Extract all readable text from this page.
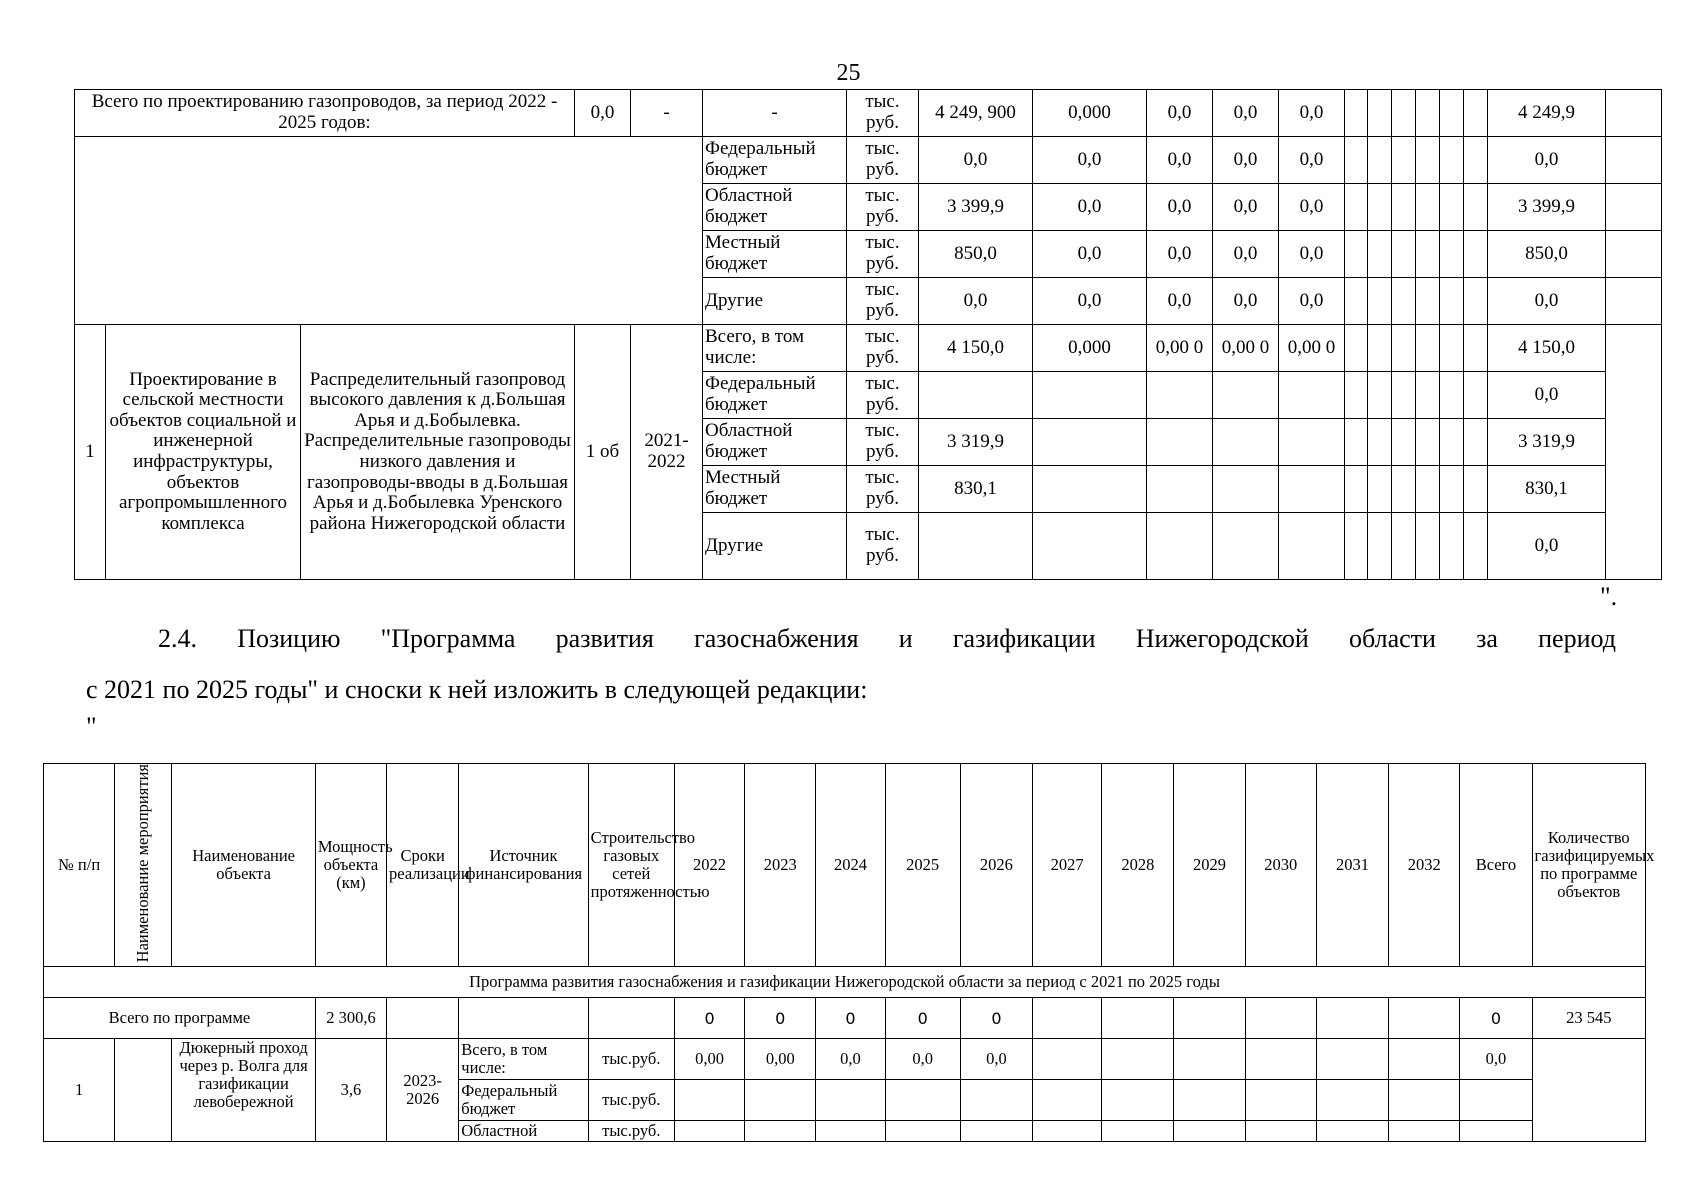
25
Всего по проектированию газопроводов, за период 2022 - 2025 годов:			0,0	-	-	тыс. руб.	4 249, 900	0,000	0,0	0,0	0,0							4 249,9	
					Федеральный бюджет	тыс. руб.	0,0	0,0	0,0	0,0	0,0							0,0	
					Областной бюджет	тыс. руб.	3 399,9	0,0	0,0	0,0	0,0							3 399,9	
					Местный бюджет	тыс. руб.	850,0	0,0	0,0	0,0	0,0							850,0	
					Другие	тыс. руб.	0,0	0,0	0,0	0,0	0,0							0,0	
1	Проектирование в сельской местности объектов социальной и инженерной инфраструктуры, объектов агропромышленного комплекса	Распределительный газопровод высокого давления к д.Большая Арья и д.Бобылевка. Распределительные газопроводы низкого давления и газопроводы-вводы в д.Большая Арья и д.Бобылевка Уренского района Нижегородской области	1 об	2021-2022	Всего, в том числе:	тыс. руб.	4 150,0	0,000	0,00 0	0,00 0	0,00 0							4 150,0	
					Федеральный бюджет	тыс. руб.												0,0	
					Областной бюджет	тыс. руб.	3 319,9											3 319,9	
					Местный бюджет	тыс. руб.	830,1											830,1	
					Другие	тыс. руб.												0,0	
".
2.4. Позицию "Программа развития газоснабжения и газификации Нижегородской области за период
с 2021 по 2025 годы" и сноски к ней изложить в следующей редакции:
"
№ п/п	Наименование мероприятия	Наименование объекта	Мощность объекта (км)	Сроки реализации	Источник финансирования	Строительство газовых сетей протяженностью	2022	2023	2024	2025	2026	2027	2028	2029	2030	2031	2032	Всего	Количество газифицируемых по программе объектов
Программа развития газоснабжения и газификации Нижегородской области за период с 2021 по 2025 годы																			
Всего по программе			2 300,6				0	0	0	0	0							0	23 545
1		Дюкерный проход через р. Волга для газификации левобережной	3,6	2023-2026	Всего, в том числе:	тыс.руб.	0,00	0,00	0,0	0,0	0,0							0,0	
					Федеральный бюджет	тыс.руб.													
					Областной	тыс.руб.													
